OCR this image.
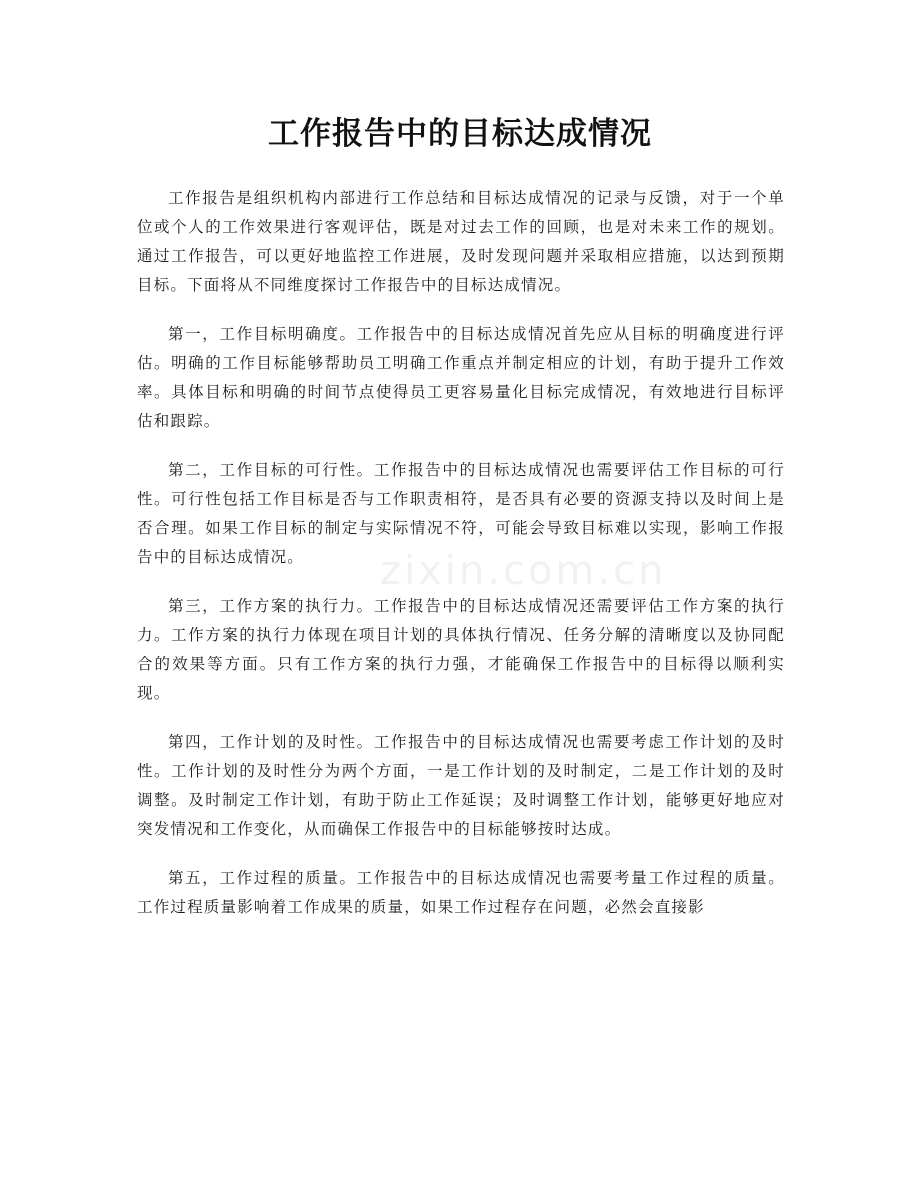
工作报告中的目标达成情况

工作报告是组织机构内部进行工作总结和目标达成情况的记录与反馈，对于一个单位或个人的工作效果进行客观评估，既是对过去工作的回顾，也是对未来工作的规划。通过工作报告，可以更好地监控工作进展，及时发现问题并采取相应措施，以达到预期目标。下面将从不同维度探讨工作报告中的目标达成情况。

第一，工作目标明确度。工作报告中的目标达成情况首先应从目标的明确度进行评估。明确的工作目标能够帮助员工明确工作重点并制定相应的计划，有助于提升工作效率。具体目标和明确的时间节点使得员工更容易量化目标完成情况，有效地进行目标评估和跟踪。

第二，工作目标的可行性。工作报告中的目标达成情况也需要评估工作目标的可行性。可行性包括工作目标是否与工作职责相符，是否具有必要的资源支持以及时间上是否合理。如果工作目标的制定与实际情况不符，可能会导致目标难以实现，影响工作报告中的目标达成情况。

第三，工作方案的执行力。工作报告中的目标达成情况还需要评估工作方案的执行力。工作方案的执行力体现在项目计划的具体执行情况、任务分解的清晰度以及协同配合的效果等方面。只有工作方案的执行力强，才能确保工作报告中的目标得以顺利实现。

第四，工作计划的及时性。工作报告中的目标达成情况也需要考虑工作计划的及时性。工作计划的及时性分为两个方面，一是工作计划的及时制定，二是工作计划的及时调整。及时制定工作计划，有助于防止工作延误；及时调整工作计划，能够更好地应对突发情况和工作变化，从而确保工作报告中的目标能够按时达成。

第五，工作过程的质量。工作报告中的目标达成情况也需要考量工作过程的质量。工作过程质量影响着工作成果的质量，如果工作过程存在问题，必然会直接影

zixin.com.cn
